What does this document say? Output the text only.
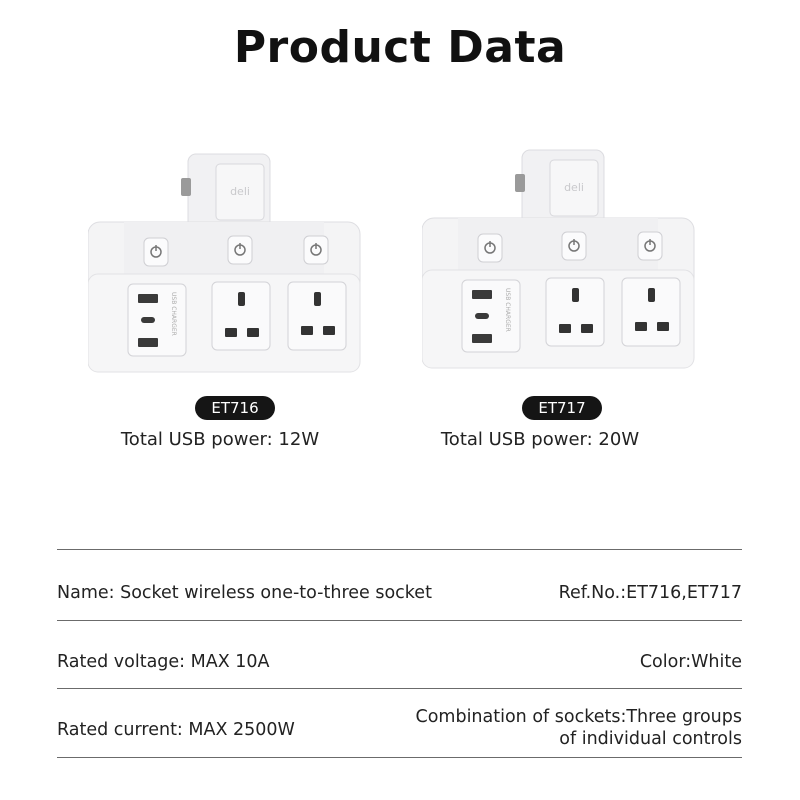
Product Data
deli
USB CHARGER
ET716
Total USB power: 12W
deli
USB CHARGER
ET717
Total USB power: 20W
Name: Socket wireless one-to-three socket	Ref.No.:ET716,ET717
Rated voltage: MAX 10A	Color:White
Rated current: MAX 2500W
Combination of sockets:Three groups
of individual controls
